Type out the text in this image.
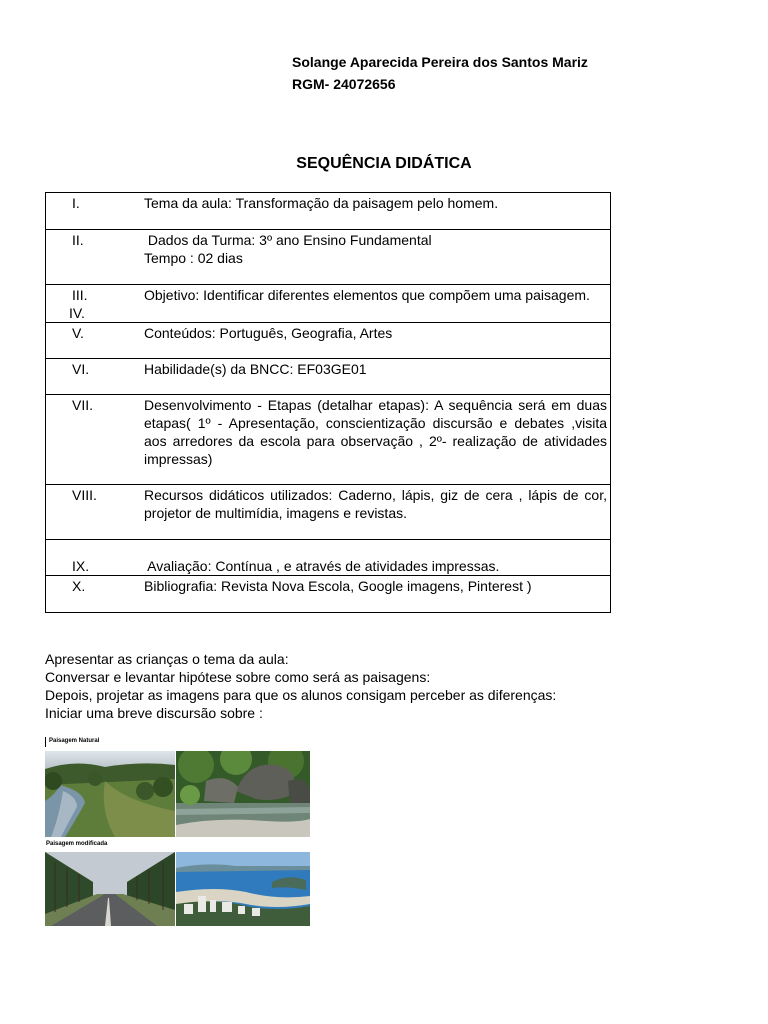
Solange Aparecida Pereira dos Santos Mariz
RGM- 24072656
SEQUÊNCIA DIDÁTICA
I.	Tema da aula: Transformação da paisagem pelo homem.
II.	Dados da Turma: 3º ano Ensino Fundamental
Tempo : 02 dias

III.
IV.	Objetivo: Identificar diferentes elementos que compõem uma paisagem.
V.	Conteúdos: Português, Geografia, Artes
VI.	Habilidade(s) da BNCC: EF03GE01
VII.	Desenvolvimento - Etapas (detalhar etapas): A sequência será em duas etapas( 1º - Apresentação, conscientização discursão e debates ,visita aos arredores da escola para observação , 2º- realização de atividades impressas)
VIII.	Recursos didáticos utilizados: Caderno, lápis, giz de cera , lápis de cor, projetor de multimídia, imagens e revistas.
IX.	Avaliação: Contínua , e através de atividades impressas.
X.	Bibliografia: Revista Nova Escola, Google imagens, Pinterest )
Apresentar as crianças o tema da aula:
Conversar e levantar hipótese sobre como será as paisagens:
Depois, projetar as imagens para que os alunos consigam perceber as diferenças:
Iniciar uma breve discursão sobre :
Paisagem Natural
Paisagem modificada
